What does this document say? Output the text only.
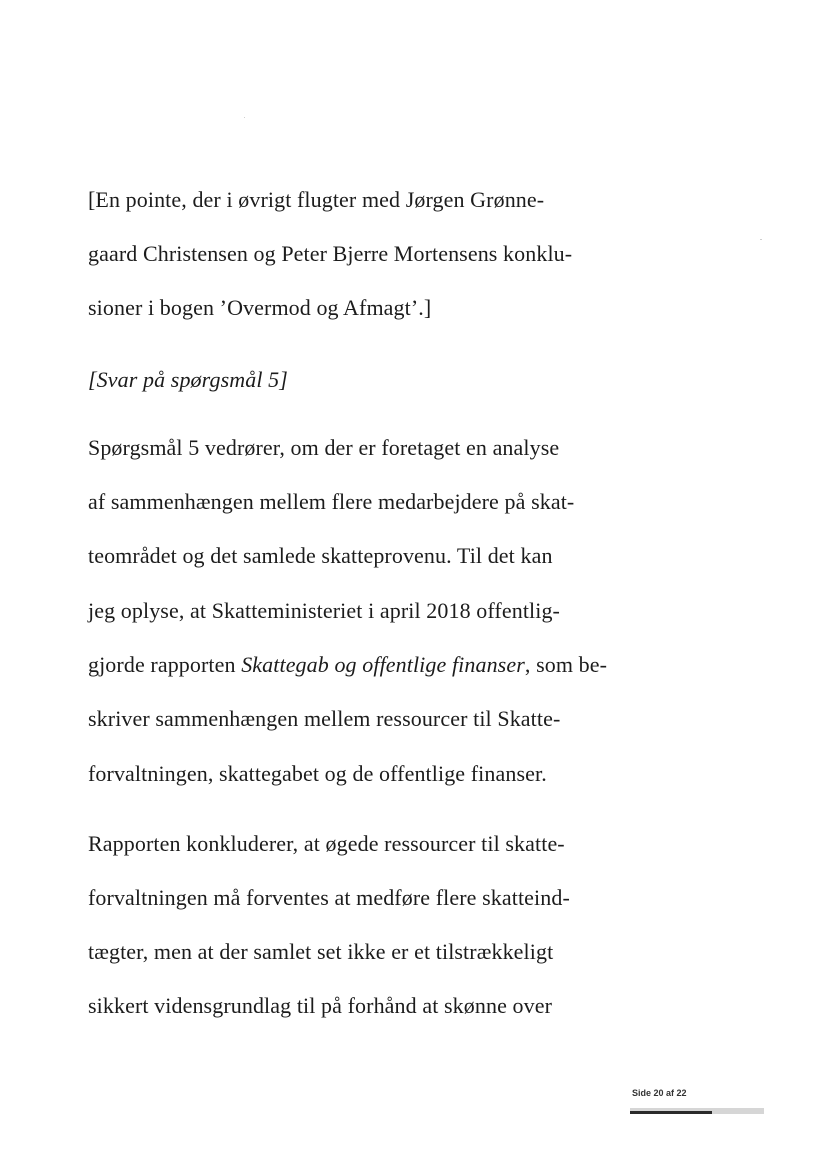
[En pointe, der i øvrigt flugter med Jørgen Grønne-
gaard Christensen og Peter Bjerre Mortensens konklu-
sioner i bogen ’Overmod og Afmagt’.]
[Svar på spørgsmål 5]
Spørgsmål 5 vedrører, om der er foretaget en analyse
af sammenhængen mellem flere medarbejdere på skat-
teområdet og det samlede skatteprovenu. Til det kan
jeg oplyse, at Skatteministeriet i april 2018 offentlig-
gjorde rapporten Skattegab og offentlige finanser, som be-
skriver sammenhængen mellem ressourcer til Skatte-
forvaltningen, skattegabet og de offentlige finanser.
Rapporten konkluderer, at øgede ressourcer til skatte-
forvaltningen må forventes at medføre flere skatteind-
tægter, men at der samlet set ikke er et tilstrækkeligt
sikkert vidensgrundlag til på forhånd at skønne over
Side 20 af 22
